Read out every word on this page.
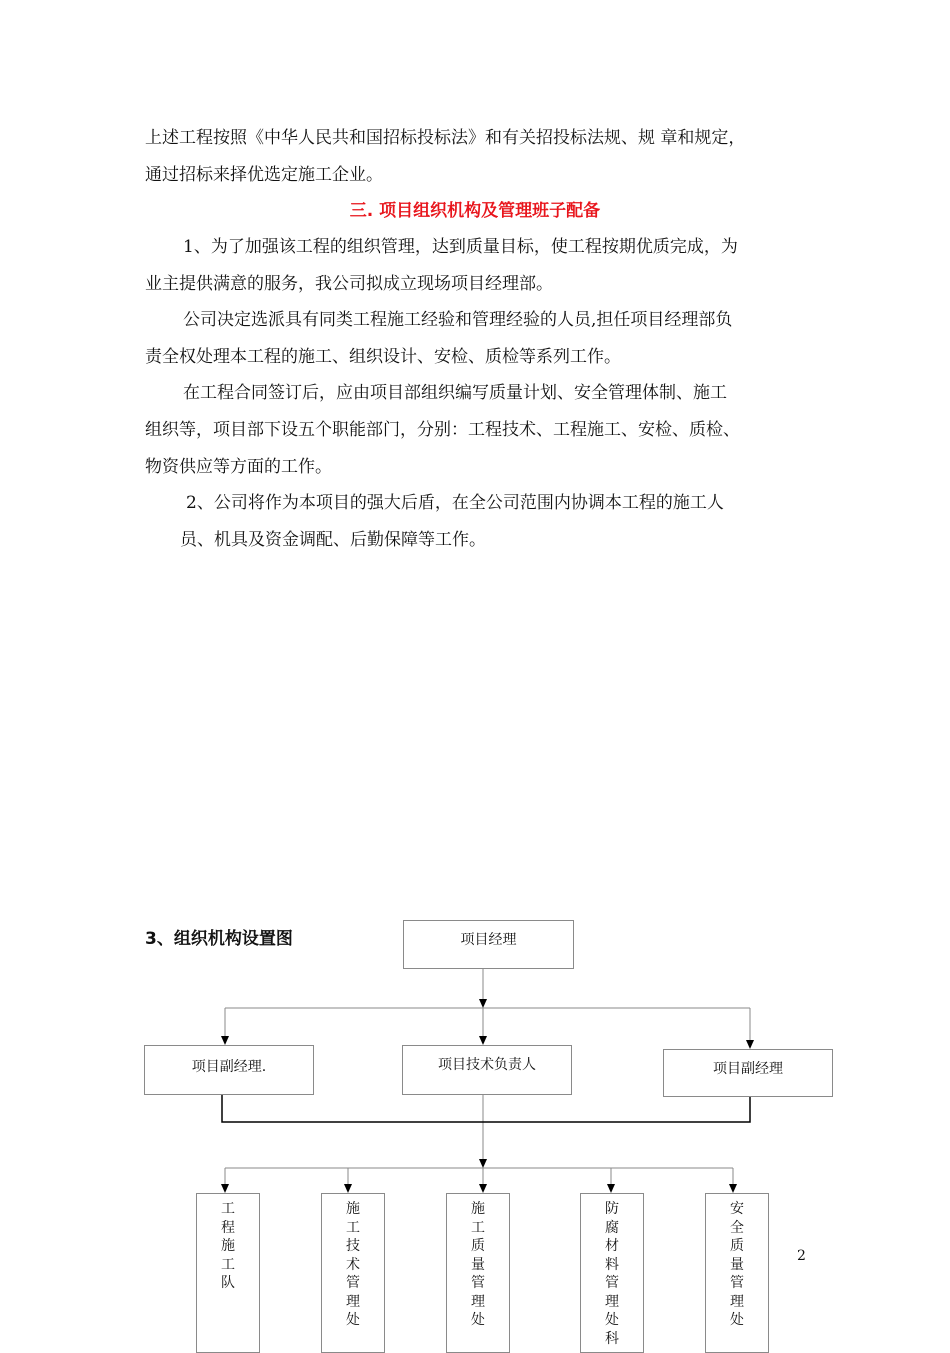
上述工程按照《中华人民共和国招标投标法》和有关招投标法规、规 章和规定，

通过招标来择优选定施工企业。

三. 项目组织机构及管理班子配备

1、为了加强该工程的组织管理，达到质量目标，使工程按期优质完成，为

业主提供满意的服务，我公司拟成立现场项目经理部。

公司决定选派具有同类工程施工经验和管理经验的人员,担任项目经理部负

责全权处理本工程的施工、组织设计、安检、质检等系列工作。

在工程合同签订后，应由项目部组织编写质量计划、安全管理体制、施工

组织等，项目部下设五个职能部门，分别：工程技术、工程施工、安检、质检、

物资供应等方面的工作。

2、公司将作为本项目的强大后盾，在全公司范围内协调本工程的施工人

员、机具及资金调配、后勤保障等工作。

3、组织机构设置图	项目经理
项目副经理.	项目技术负责人	项目副经理
工程施工队
施工技术管理处
施工质量管理处
防腐材料管理处科
安全质量管理处
2
